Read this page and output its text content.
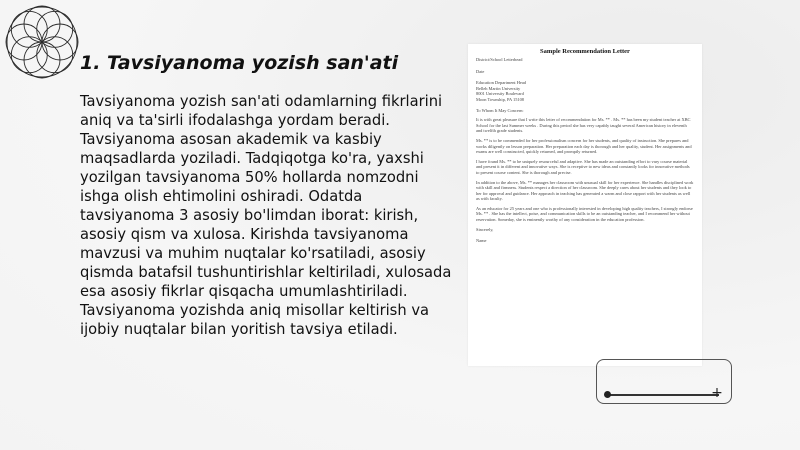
1. Tavsiyanoma yozish san'ati

Tavsiyanoma yozish san'ati odamlarning fikrlarini aniq va ta'sirli ifodalashga yordam beradi. Tavsiyanoma asosan akademik va kasbiy maqsadlarda yoziladi. Tadqiqotga ko'ra, yaxshi yozilgan tavsiyanoma 50% hollarda nomzodni ishga olish ehtimolini oshiradi. Odatda tavsiyanoma 3 asosiy bo'limdan iborat: kirish, asosiy qism va xulosa. Kirishda tavsiyanoma mavzusi va muhim nuqtalar ko'rsatiladi, asosiy qismda batafsil tushuntirishlar keltiriladi, xulosada esa asosiy fikrlar qisqacha umumlashtiriladi. Tavsiyanoma yozishda aniq misollar keltirish va ijobiy nuqtalar bilan yoritish tavsiya etiladi.

Sample Recommendation Letter
District/School Letterhead
Date
Education Department Head
Belleh Martin University
8001 University Boulevard
Moon Township, PA 15108
To Whom It May Concern:
It is with great pleasure that I write this letter of recommendation for Ms. ** . Ms. ** has been my student teacher at XBC School for the last Summer weeks . During this period she has very capably taught several American history in eleventh and twelfth grade students.
Ms. ** is to be commended for her professionalism concern for her students, and quality of instruction. She prepares and works diligently on lesson preparation. Her preparation each day is thorough and her quality, student. Her assignments and exams are well constructed, quickly returned, and promptly returned.
I have found Ms. ** to be uniquely resourceful and adaptive. She has made an outstanding effort to vary course material and present it in different and innovative ways. She is receptive to new ideas and constantly looks for innovative methods to present course content. She is thorough and precise.
In addition to the above, Ms. ** manages her classroom with unusual skill for her experience. She handles disciplined work with skill and firmness. Students respect a direction of her classroom. She deeply cares about her students and they look to her for approval and guidance. Her approach in teaching has generated a warm and close rapport with her students as well as with faculty.
As an educator for 25 years and one who is professionally interested in developing high quality teachers, I strongly endorse Ms. ** . She has the intellect, poise, and communication skills to be an outstanding teacher, and I recommend her without reservation. Someday, she is eminently worthy of any consideration in the education profession.
Sincerely,
Name
+
